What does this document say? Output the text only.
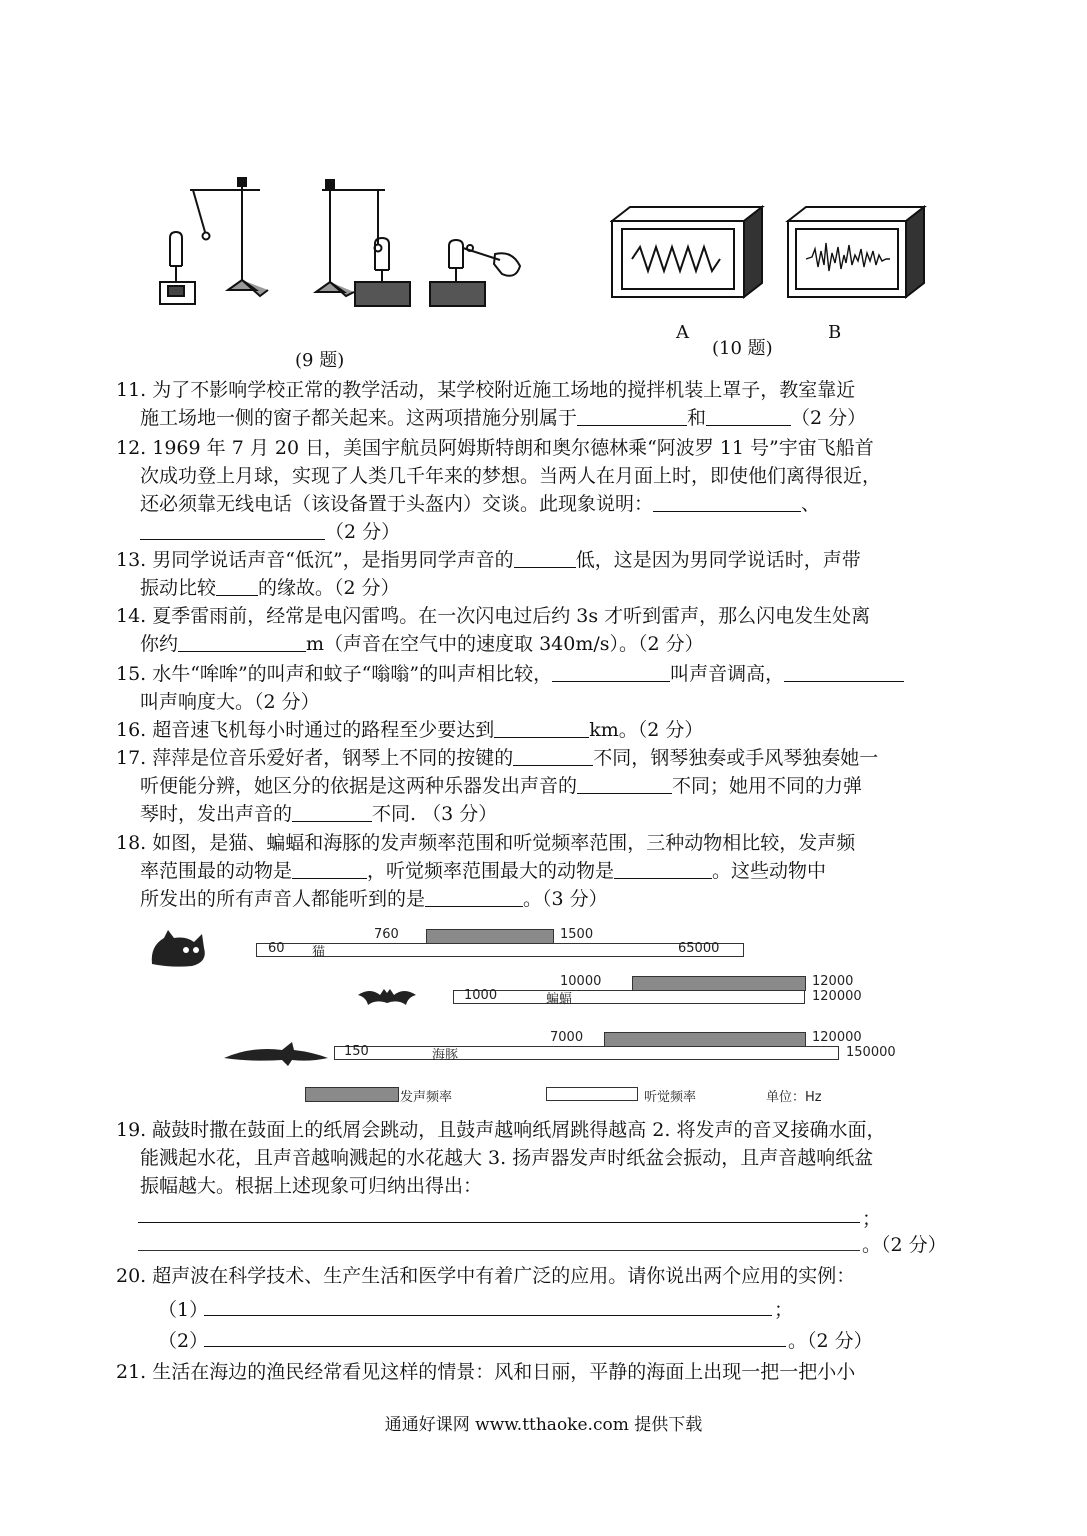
(9 题)
A
(10 题)
B
11. 为了不影响学校正常的教学活动，某学校附近施工场地的搅拌机装上罩子，教室靠近
施工场地一侧的窗子都关起来。这两项措施分别属于	和	（2 分）
12. 1969 年 7 月 20 日，美国宇航员阿姆斯特朗和奥尔德林乘“阿波罗 11 号”宇宙飞船首
次成功登上月球，实现了人类几千年来的梦想。当两人在月面上时，即使他们离得很近，
还必须靠无线电话（该设备置于头盔内）交谈。此现象说明：	、
（2 分）
13. 男同学说话声音“低沉”，是指男同学声音的	低，这是因为男同学说话时，声带
振动比较 的缘故。（2 分）
14. 夏季雷雨前，经常是电闪雷鸣。在一次闪电过后约 3s 才听到雷声，那么闪电发生处离
你约	m（声音在空气中的速度取 340m/s）。（2 分）
15. 水牛“哞哞”的叫声和蚊子“嗡嗡”的叫声相比较，	叫声音调高，
叫声响度大。（2 分）
16. 超音速飞机每小时通过的路程至少要达到	km。（2 分）
17. 萍萍是位音乐爱好者，钢琴上不同的按键的	不同，钢琴独奏或手风琴独奏她一
听便能分辨，她区分的依据是这两种乐器发出声音的	不同；她用不同的力弹
琴时，发出声音的	不同. （3 分）
18. 如图，是猫、蝙蝠和海豚的发声频率范围和听觉频率范围，三种动物相比较，发声频
率范围最的动物是	，听觉频率范围最大的动物是	。这些动物中
所发出的所有声音人都能听到的是	。（3 分）
760	1500
60 猫	65000
10000	12000
1000	蝙蝠	120000
7000	120000
150	海豚	150000
发声频率	听觉频率	单位：Hz
19. 敲鼓时撒在鼓面上的纸屑会跳动，且鼓声越响纸屑跳得越高 2. 将发声的音叉接确水面，
能溅起水花，且声音越响溅起的水花越大 3. 扬声器发声时纸盆会振动，且声音越响纸盆
振幅越大。根据上述现象可归纳出得出：
；
。（2 分）
20. 超声波在科学技术、生产生活和医学中有着广泛的应用。请你说出两个应用的实例：
（1）	；
（2）	。（2 分）
21. 生活在海边的渔民经常看见这样的情景：风和日丽，平静的海面上出现一把一把小小
通通好课网 www.tthaoke.com 提供下载
